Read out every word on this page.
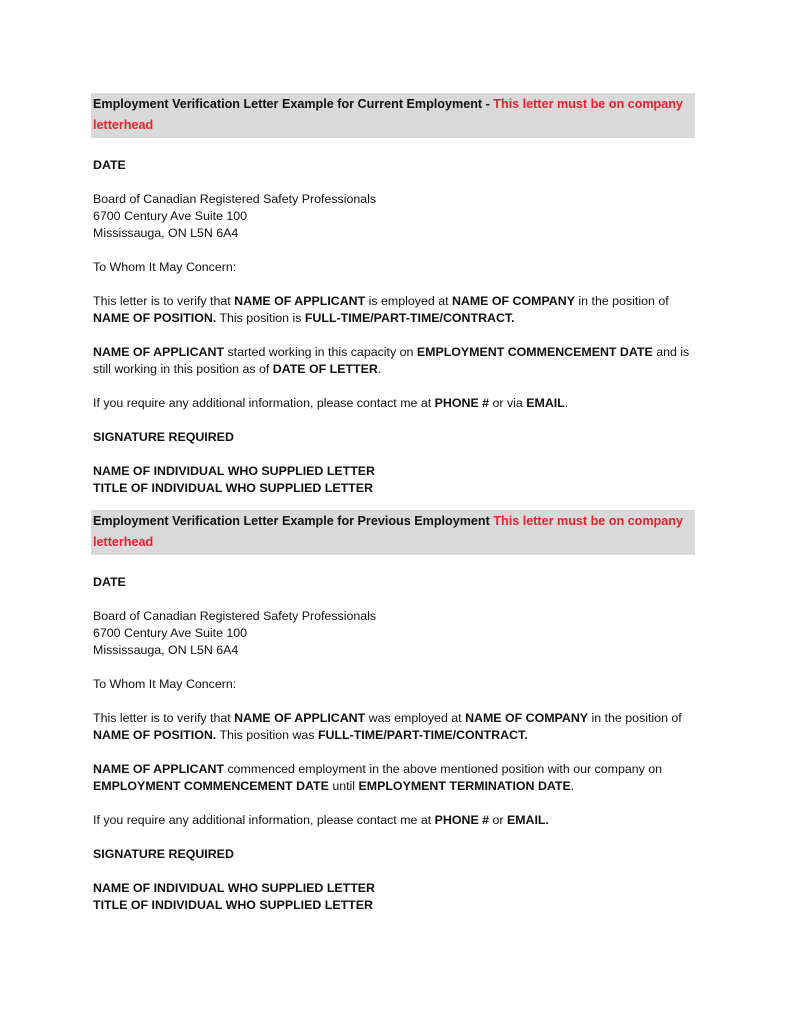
Employment Verification Letter Example for Current Employment - This letter must be on company letterhead

DATE

Board of Canadian Registered Safety Professionals
6700 Century Ave Suite 100
Mississauga, ON L5N 6A4

To Whom It May Concern:

This letter is to verify that NAME OF APPLICANT is employed at NAME OF COMPANY in the position of
NAME OF POSITION. This position is FULL-TIME/PART-TIME/CONTRACT.

NAME OF APPLICANT started working in this capacity on EMPLOYMENT COMMENCEMENT DATE and is still working in this position as of DATE OF LETTER.

If you require any additional information, please contact me at PHONE # or via EMAIL.

SIGNATURE REQUIRED

NAME OF INDIVIDUAL WHO SUPPLIED LETTER
TITLE OF INDIVIDUAL WHO SUPPLIED LETTER

Employment Verification Letter Example for Previous Employment This letter must be on company letterhead

DATE

Board of Canadian Registered Safety Professionals
6700 Century Ave Suite 100
Mississauga, ON L5N 6A4

To Whom It May Concern:

This letter is to verify that NAME OF APPLICANT was employed at NAME OF COMPANY in the position of NAME OF POSITION. This position was FULL-TIME/PART-TIME/CONTRACT.

NAME OF APPLICANT commenced employment in the above mentioned position with our company on EMPLOYMENT COMMENCEMENT DATE until EMPLOYMENT TERMINATION DATE.

If you require any additional information, please contact me at PHONE # or EMAIL.

SIGNATURE REQUIRED

NAME OF INDIVIDUAL WHO SUPPLIED LETTER
TITLE OF INDIVIDUAL WHO SUPPLIED LETTER
